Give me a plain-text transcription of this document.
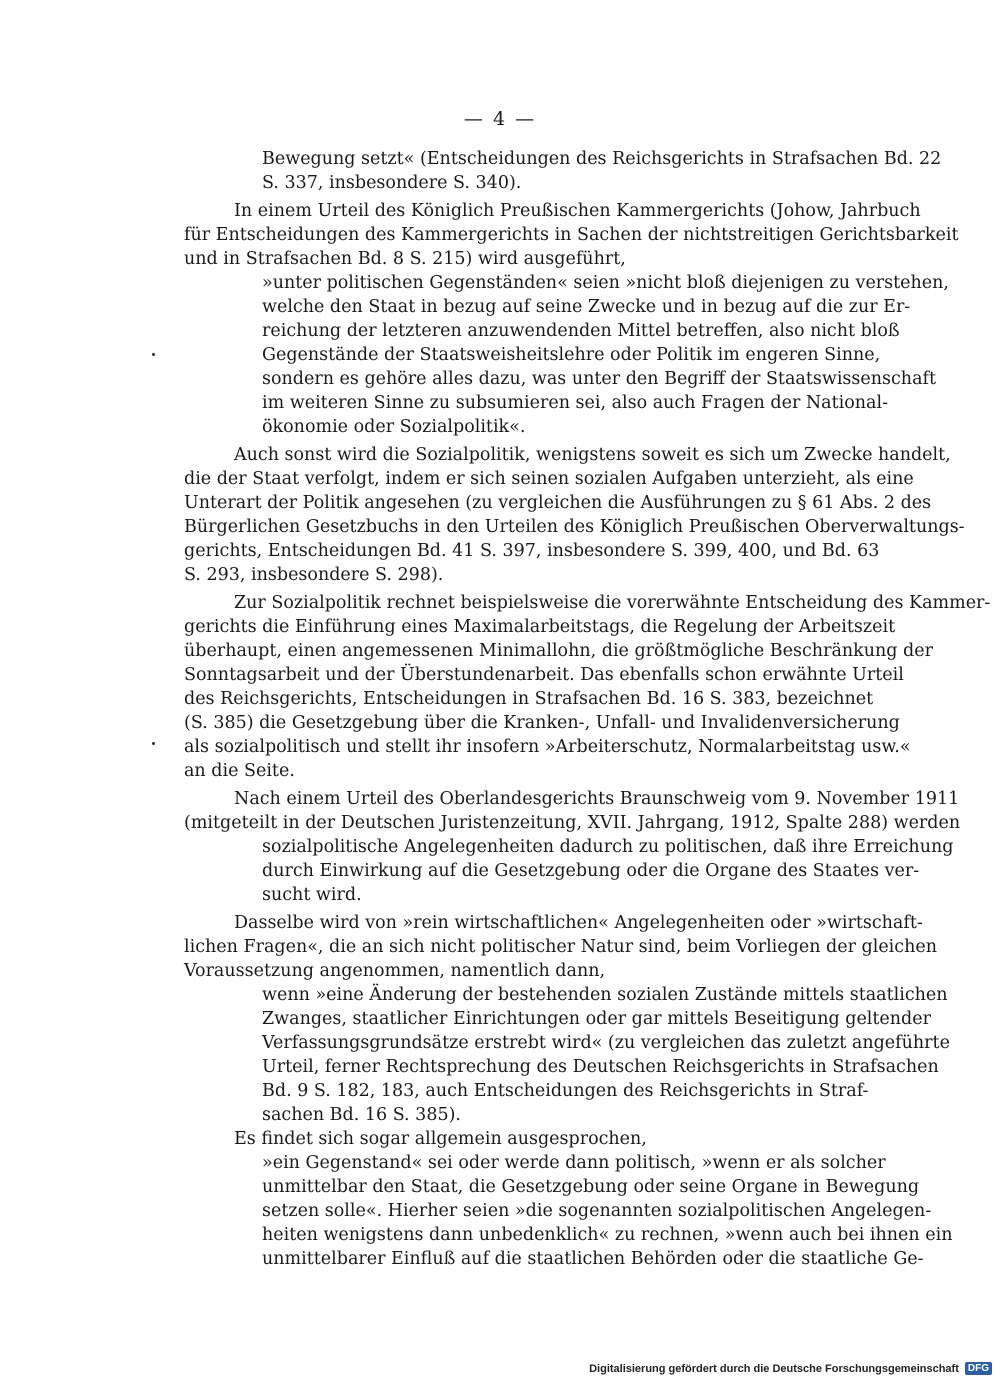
— 4 —
Bewegung setzt« (Entscheidungen des Reichsgerichts in Strafsachen Bd. 22
S. 337, insbesondere S. 340).
In einem Urteil des Königlich Preußischen Kammergerichts (Johow, Jahrbuch
für Entscheidungen des Kammergerichts in Sachen der nichtstreitigen Gerichtsbarkeit
und in Strafsachen Bd. 8 S. 215) wird ausgeführt,
»unter politischen Gegenständen« seien »nicht bloß diejenigen zu verstehen,
welche den Staat in bezug auf seine Zwecke und in bezug auf die zur Er-
reichung der letzteren anzuwendenden Mittel betreffen, also nicht bloß
Gegenstände der Staatsweisheitslehre oder Politik im engeren Sinne,
sondern es gehöre alles dazu, was unter den Begriff der Staatswissenschaft
im weiteren Sinne zu subsumieren sei, also auch Fragen der National-
ökonomie oder Sozialpolitik«.
Auch sonst wird die Sozialpolitik, wenigstens soweit es sich um Zwecke handelt,
die der Staat verfolgt, indem er sich seinen sozialen Aufgaben unterzieht, als eine
Unterart der Politik angesehen (zu vergleichen die Ausführungen zu § 61 Abs. 2 des
Bürgerlichen Gesetzbuchs in den Urteilen des Königlich Preußischen Oberverwaltungs-
gerichts, Entscheidungen Bd. 41 S. 397, insbesondere S. 399, 400, und Bd. 63
S. 293, insbesondere S. 298).
Zur Sozialpolitik rechnet beispielsweise die vorerwähnte Entscheidung des Kammer-
gerichts die Einführung eines Maximalarbeitstags, die Regelung der Arbeitszeit
überhaupt, einen angemessenen Minimallohn, die größtmögliche Beschränkung der
Sonntagsarbeit und der Überstundenarbeit. Das ebenfalls schon erwähnte Urteil
des Reichsgerichts, Entscheidungen in Strafsachen Bd. 16 S. 383, bezeichnet
(S. 385) die Gesetzgebung über die Kranken-, Unfall- und Invalidenversicherung
als sozialpolitisch und stellt ihr insofern »Arbeiterschutz, Normalarbeitstag usw.«
an die Seite.
Nach einem Urteil des Oberlandesgerichts Braunschweig vom 9. November 1911
(mitgeteilt in der Deutschen Juristenzeitung, XVII. Jahrgang, 1912, Spalte 288) werden
sozialpolitische Angelegenheiten dadurch zu politischen, daß ihre Erreichung
durch Einwirkung auf die Gesetzgebung oder die Organe des Staates ver-
sucht wird.
Dasselbe wird von »rein wirtschaftlichen« Angelegenheiten oder »wirtschaft-
lichen Fragen«, die an sich nicht politischer Natur sind, beim Vorliegen der gleichen
Voraussetzung angenommen, namentlich dann,
wenn »eine Änderung der bestehenden sozialen Zustände mittels staatlichen
Zwanges, staatlicher Einrichtungen oder gar mittels Beseitigung geltender
Verfassungsgrundsätze erstrebt wird« (zu vergleichen das zuletzt angeführte
Urteil, ferner Rechtsprechung des Deutschen Reichsgerichts in Strafsachen
Bd. 9 S. 182, 183, auch Entscheidungen des Reichsgerichts in Straf-
sachen Bd. 16 S. 385).
Es findet sich sogar allgemein ausgesprochen,
»ein Gegenstand« sei oder werde dann politisch, »wenn er als solcher
unmittelbar den Staat, die Gesetzgebung oder seine Organe in Bewegung
setzen solle«. Hierher seien »die sogenannten sozialpolitischen Angelegen-
heiten wenigstens dann unbedenklich« zu rechnen, »wenn auch bei ihnen ein
unmittelbarer Einfluß auf die staatlichen Behörden oder die staatliche Ge-
Digitalisierung gefördert durch die Deutsche Forschungsgemeinschaft DFG
